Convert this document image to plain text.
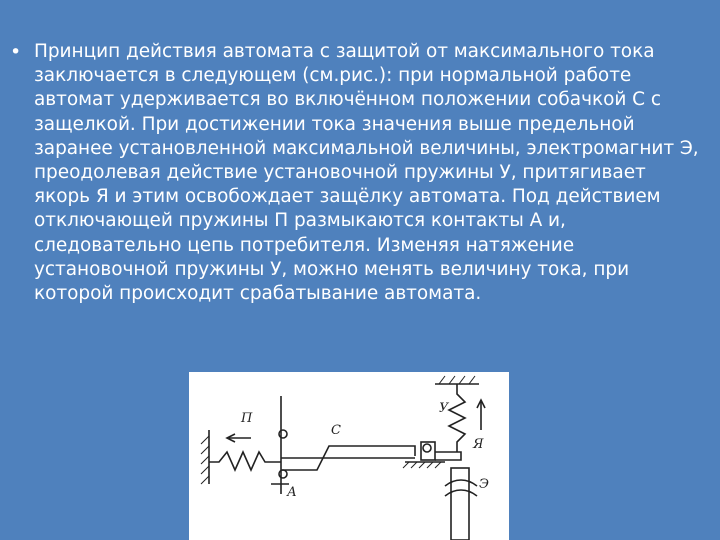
• Принцип действия автомата с защитой от максимального тока заключается в следующем (см.рис.): при нормальной работе автомат удерживается во включённом положении собачкой С с защелкой. При достижении тока значения выше предельной заранее установленной максимальной величины, электромагнит Э, преодолевая действие установочной пружины У, притягивает якорь Я и этим освобождает защёлку автомата. Под действием отключающей пружины П размыкаются контакты А и, следовательно цепь потребителя. Изменяя натяжение установочной пружины У, можно менять величину тока, при которой происходит срабатывание автомата.
П
С
У
Я
Э
А
